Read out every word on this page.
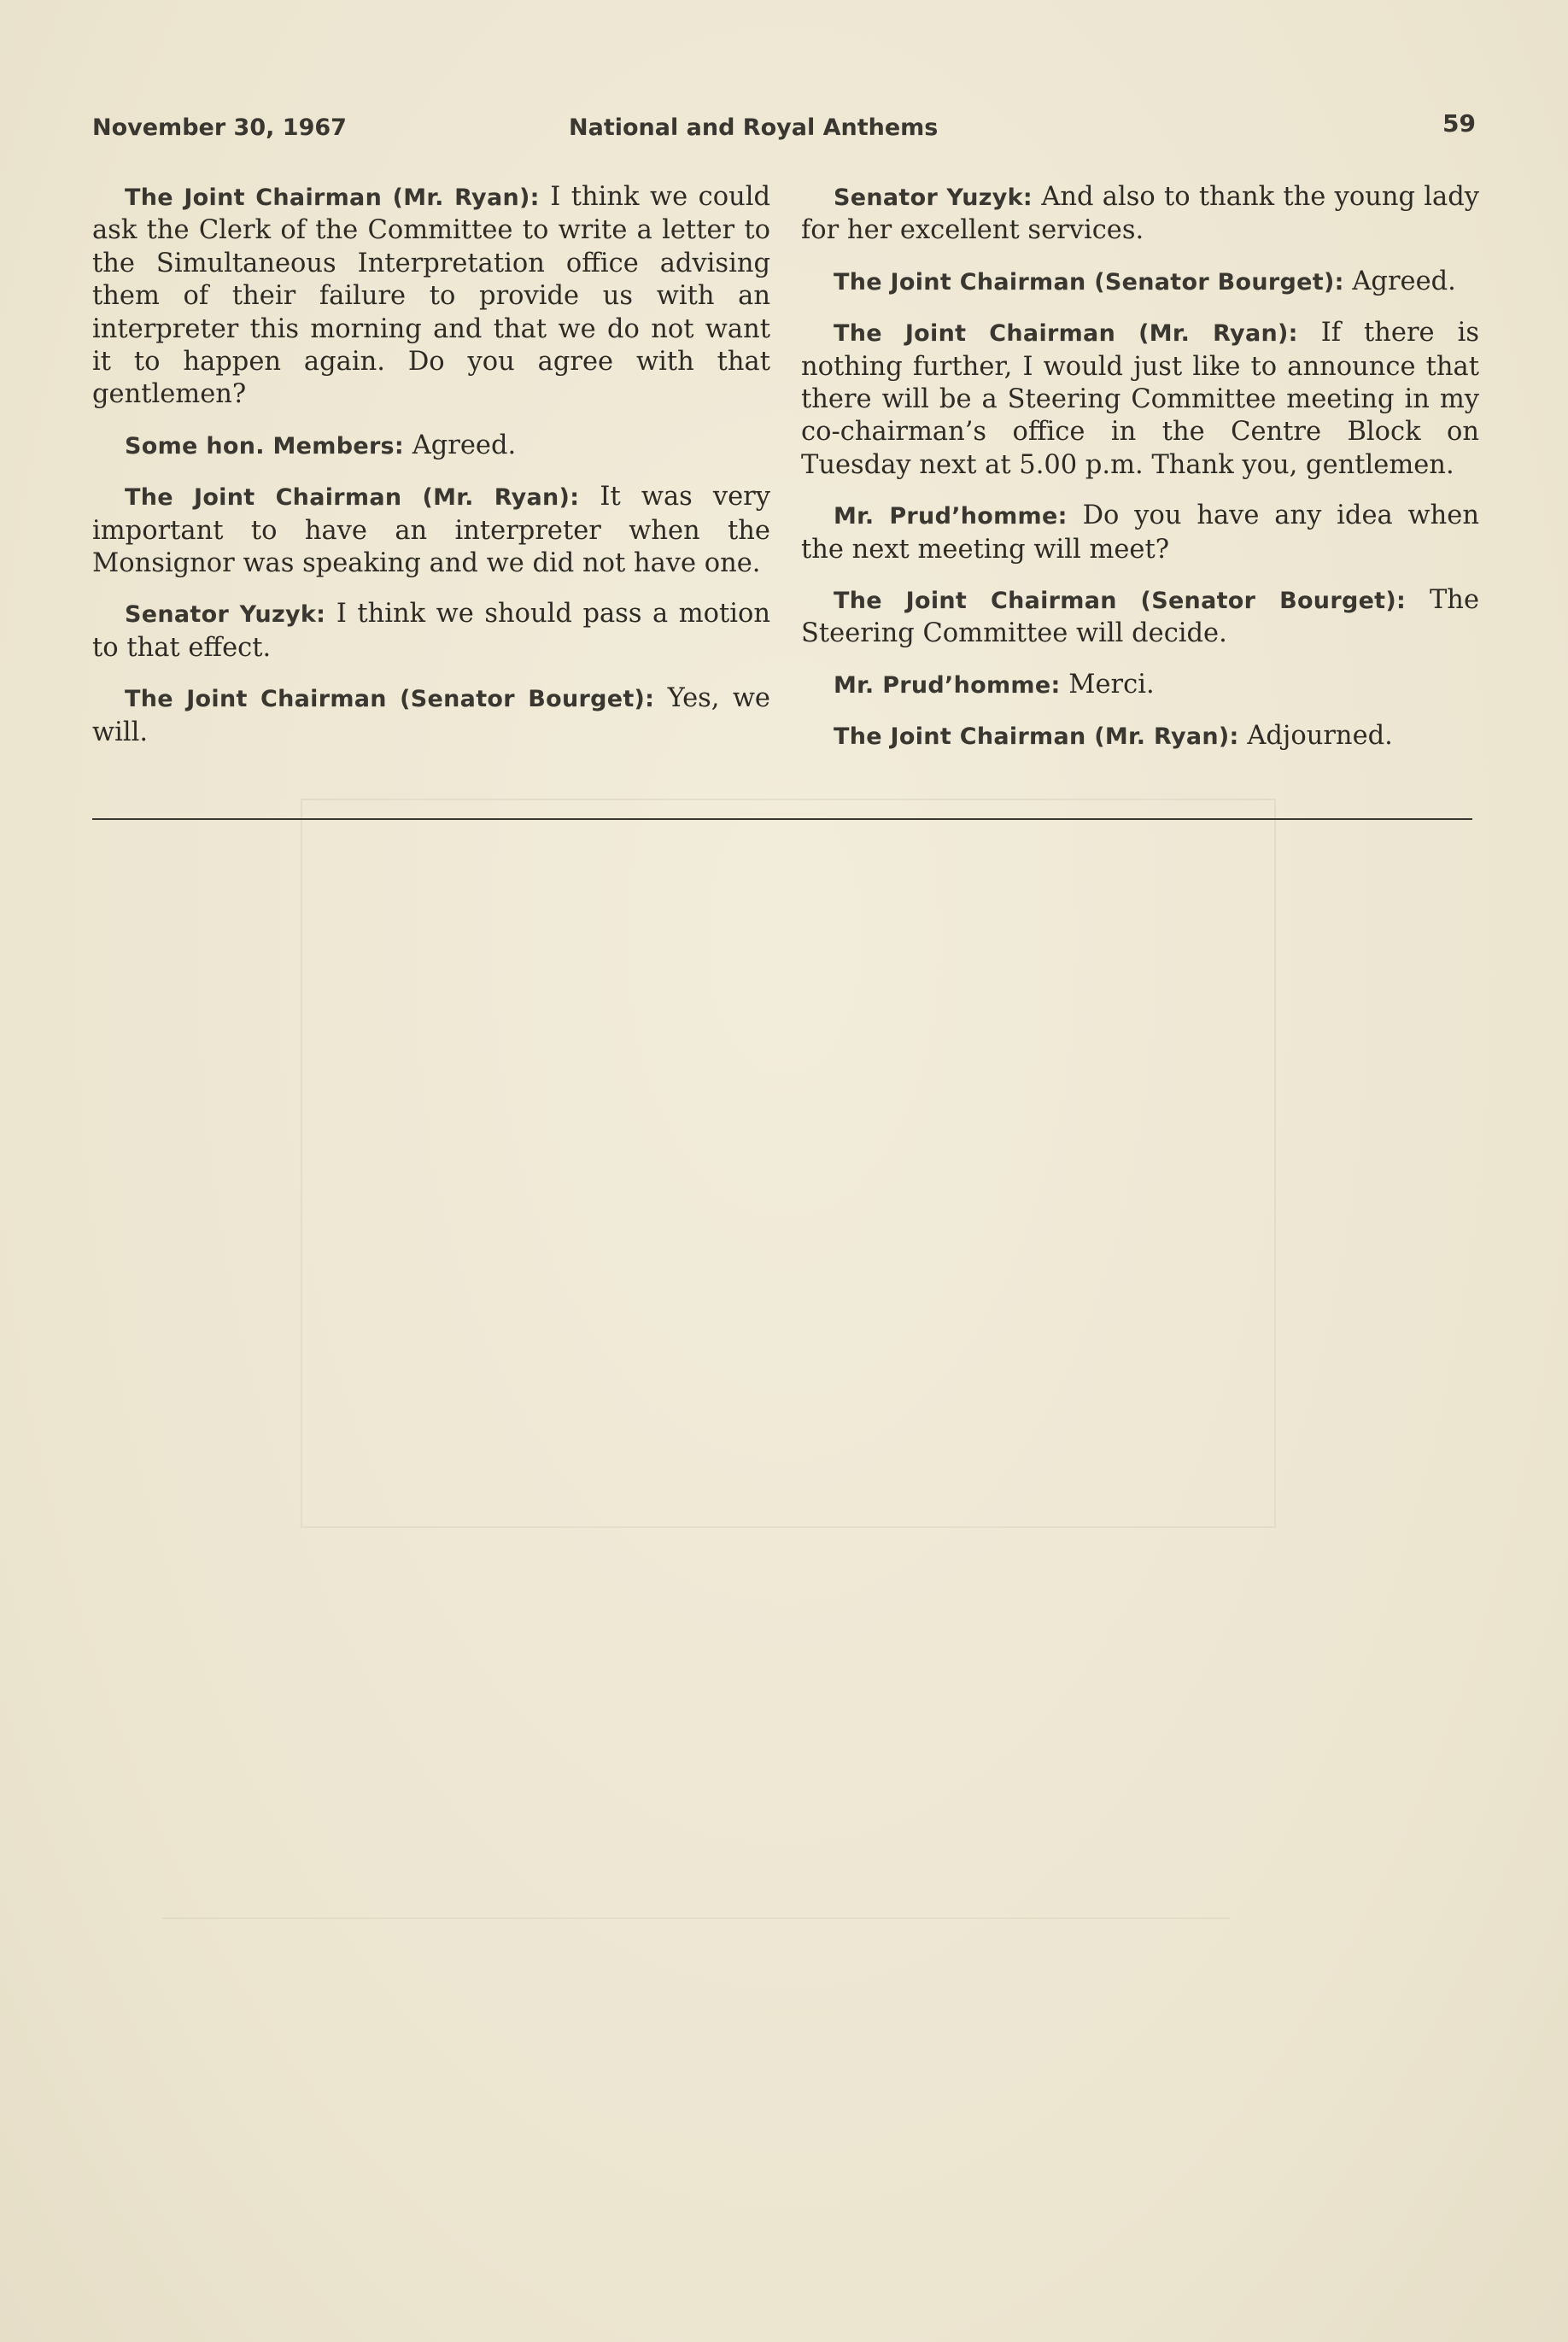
November 30, 1967	National and Royal Anthems	59

The Joint Chairman (Mr. Ryan): I think we could ask the Clerk of the Committee to write a letter to the Simultaneous Interpretation office advising them of their failure to provide us with an interpreter this morning and that we do not want it to happen again. Do you agree with that gentlemen?

Some hon. Members: Agreed.

The Joint Chairman (Mr. Ryan): It was very important to have an interpreter when the Monsignor was speaking and we did not have one.

Senator Yuzyk: I think we should pass a motion to that effect.

The Joint Chairman (Senator Bourget): Yes, we will.

Senator Yuzyk: And also to thank the young lady for her excellent services.

The Joint Chairman (Senator Bourget): Agreed.

The Joint Chairman (Mr. Ryan): If there is nothing further, I would just like to announce that there will be a Steering Committee meeting in my co-chairman’s office in the Centre Block on Tuesday next at 5.00 p.m. Thank you, gentlemen.

Mr. Prud’homme: Do you have any idea when the next meeting will meet?

The Joint Chairman (Senator Bourget): The Steering Committee will decide.

Mr. Prud’homme: Merci.

The Joint Chairman (Mr. Ryan): Adjourned.
